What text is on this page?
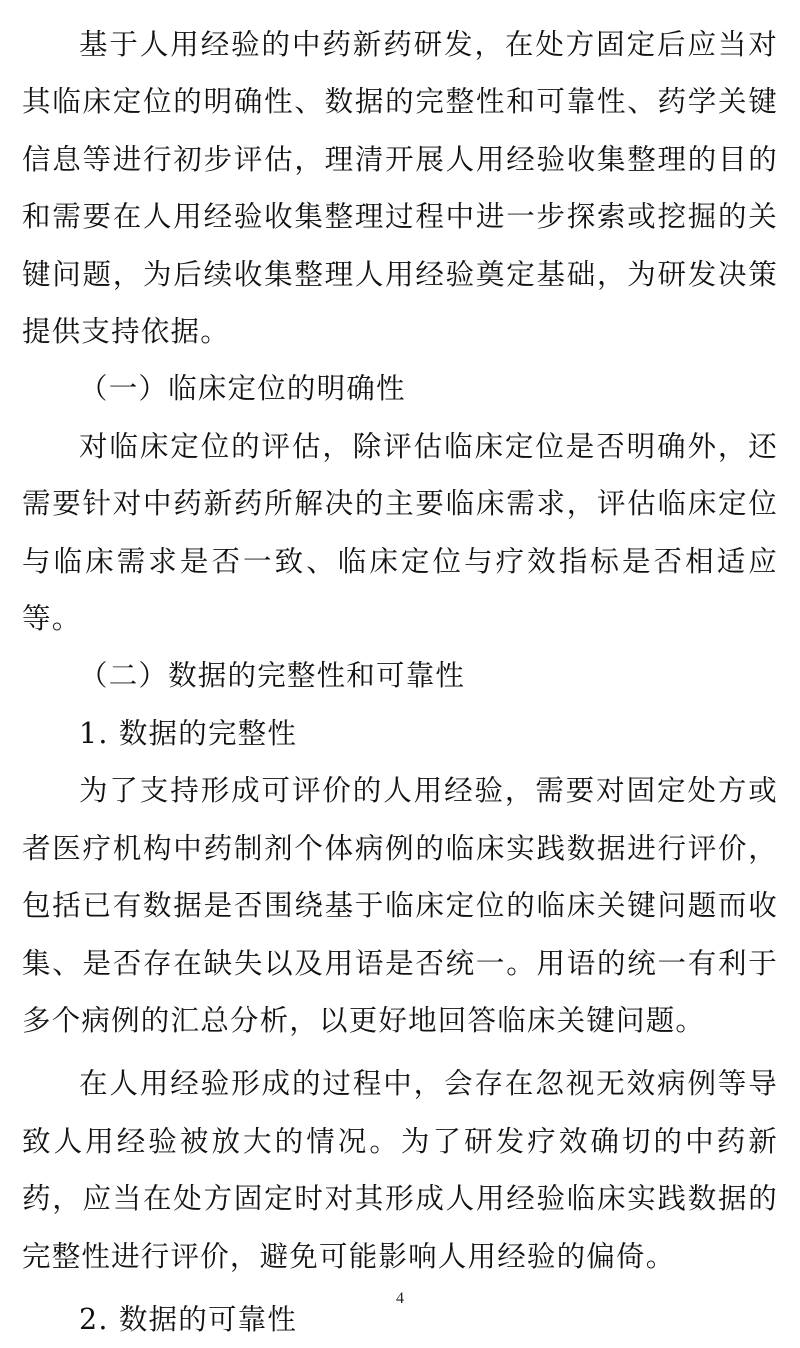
基于人用经验的中药新药研发，在处方固定后应当对其临床定位的明确性、数据的完整性和可靠性、药学关键信息等进行初步评估，理清开展人用经验收集整理的目的和需要在人用经验收集整理过程中进一步探索或挖掘的关键问题，为后续收集整理人用经验奠定基础，为研发决策提供支持依据。

（一）临床定位的明确性

对临床定位的评估，除评估临床定位是否明确外，还需要针对中药新药所解决的主要临床需求，评估临床定位与临床需求是否一致、临床定位与疗效指标是否相适应等。

（二）数据的完整性和可靠性

1. 数据的完整性

为了支持形成可评价的人用经验，需要对固定处方或者医疗机构中药制剂个体病例的临床实践数据进行评价，包括已有数据是否围绕基于临床定位的临床关键问题而收集、是否存在缺失以及用语是否统一。用语的统一有利于多个病例的汇总分析，以更好地回答临床关键问题。

在人用经验形成的过程中，会存在忽视无效病例等导致人用经验被放大的情况。为了研发疗效确切的中药新药，应当在处方固定时对其形成人用经验临床实践数据的完整性进行评价，避免可能影响人用经验的偏倚。

2. 数据的可靠性

4
